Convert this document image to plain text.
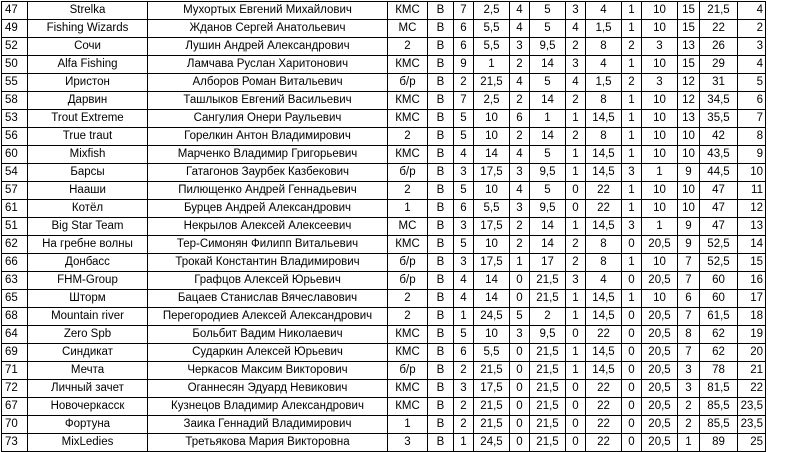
47	Strelka	Мухортых Евгений Михайлович	КМС	В	7	2,5	4	5	3	4	1	10	15	21,5	4
49	Fishing Wizards	Жданов Сергей Анатольевич	МС	В	6	5,5	4	5	4	1,5	1	10	15	22	2
52	Сочи	Лушин Андрей Александрович	2	В	6	5,5	3	9,5	2	8	2	3	13	26	3
50	Alfa Fishing	Ламчава Руслан Харитонович	КМС	В	9	1	2	14	3	4	1	10	15	29	4
55	Иристон	Алборов Роман Витальевич	б/р	В	2	21,5	4	5	4	1,5	2	3	12	31	5
58	Дарвин	Ташлыков Евгений Васильевич	КМС	В	7	2,5	2	14	2	8	1	10	12	34,5	6
53	Trout Extreme	Сангулия Онери Раульевич	КМС	В	5	10	6	1	1	14,5	1	10	13	35,5	7
56	True traut	Горелкин Антон Владимирович	2	В	5	10	2	14	2	8	1	10	10	42	8
60	Mixfish	Марченко Владимир Григорьевич	КМС	В	4	14	4	5	1	14,5	1	10	10	43,5	9
54	Барсы	Гатагонов Заурбек Казбекович	б/р	В	3	17,5	3	9,5	1	14,5	3	1	9	44,5	10
57	Нааши	Пилющенко Андрей Геннадьевич	2	В	5	10	4	5	0	22	1	10	10	47	11
61	Котёл	Бурцев Андрей Александрович	1	В	6	5,5	3	9,5	0	22	1	10	10	47	12
51	Big Star Team	Некрылов Алексей Алексеевич	МС	В	3	17,5	2	14	1	14,5	3	1	9	47	13
62	На гребне волны	Тер-Симонян Филипп Витальевич	КМС	В	5	10	2	14	2	8	0	20,5	9	52,5	14
66	Донбасс	Трокай Константин Владимирович	б/р	В	3	17,5	1	17	2	8	1	10	7	52,5	15
63	FHM-Group	Графцов Алексей Юрьевич	б/р	В	4	14	0	21,5	3	4	0	20,5	7	60	16
65	Шторм	Бацаев Станислав Вячеславович	2	В	4	14	0	21,5	1	14,5	1	10	6	60	17
68	Mountain river	Перегородиев Алексей Александрович	2	В	1	24,5	5	2	1	14,5	0	20,5	7	61,5	18
64	Zero Spb	Больбит Вадим Николаевич	КМС	В	5	10	3	9,5	0	22	0	20,5	8	62	19
69	Синдикат	Сударкин Алексей Юрьевич	КМС	В	6	5,5	0	21,5	1	14,5	0	20,5	7	62	20
71	Мечта	Черкасов Максим Викторович	б/р	В	2	21,5	0	21,5	1	14,5	0	20,5	3	78	21
72	Личный зачет	Оганнесян Эдуард Невикович	КМС	В	3	17,5	0	21,5	0	22	0	20,5	3	81,5	22
67	Новочеркасск	Кузнецов Владимир Александрович	КМС	В	2	21,5	0	21,5	0	22	0	20,5	2	85,5	23,5
70	Фортуна	Заика Геннадий Владимирович	1	В	2	21,5	0	21,5	0	22	0	20,5	2	85,5	23,5
73	MixLedies	Третьякова Мария Викторовна	3	В	1	24,5	0	21,5	0	22	0	20,5	1	89	25
